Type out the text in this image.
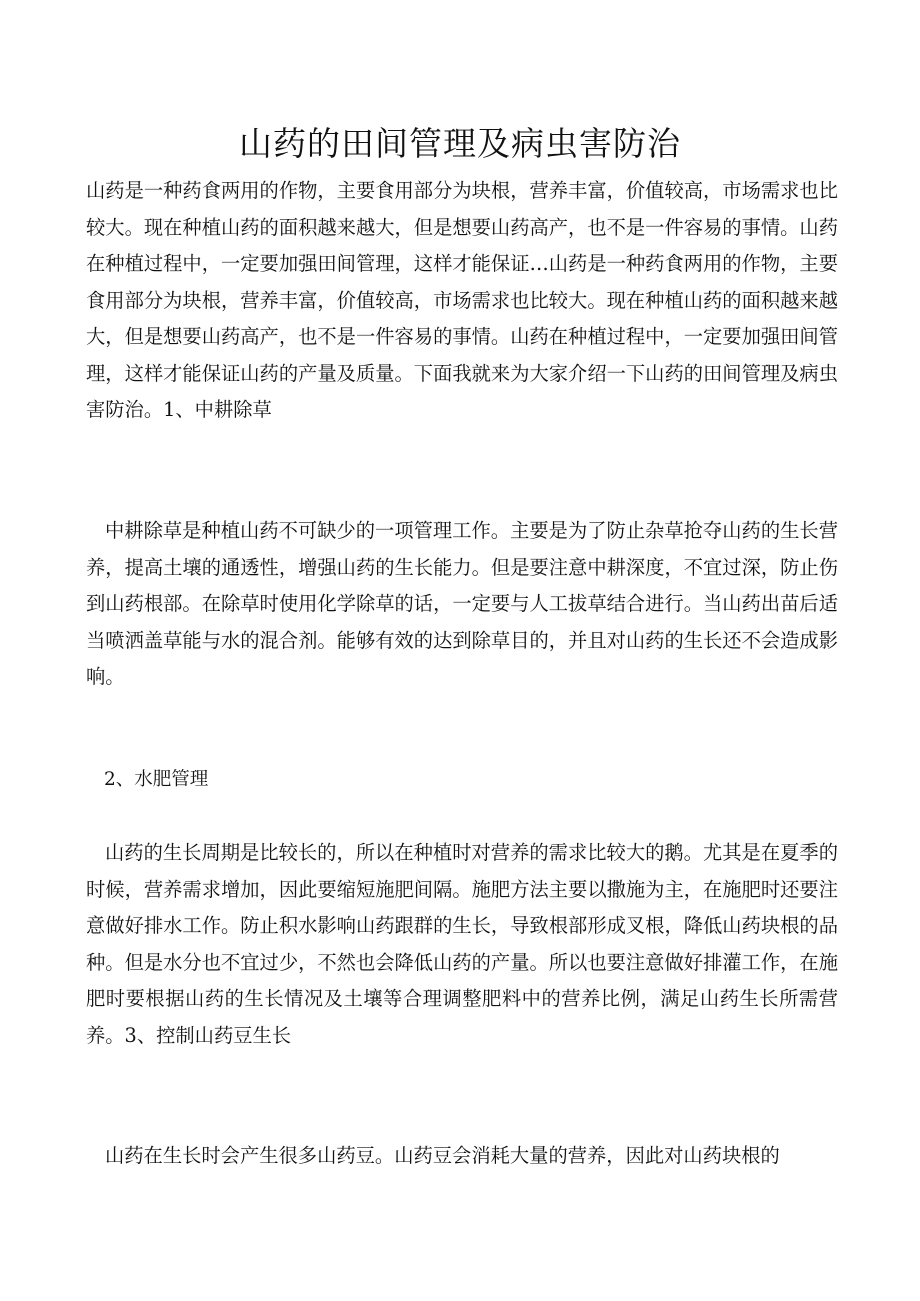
山药的田间管理及病虫害防治

山药是一种药食两用的作物，主要食用部分为块根，营养丰富，价值较高，市场需求也比较大。现在种植山药的面积越来越大，但是想要山药高产，也不是一件容易的事情。山药在种植过程中，一定要加强田间管理，这样才能保证…山药是一种药食两用的作物，主要食用部分为块根，营养丰富，价值较高，市场需求也比较大。现在种植山药的面积越来越大，但是想要山药高产，也不是一件容易的事情。山药在种植过程中，一定要加强田间管理，这样才能保证山药的产量及质量。下面我就来为大家介绍一下山药的田间管理及病虫害防治。1、中耕除草

中耕除草是种植山药不可缺少的一项管理工作。主要是为了防止杂草抢夺山药的生长营养，提高土壤的通透性，增强山药的生长能力。但是要注意中耕深度，不宜过深，防止伤到山药根部。在除草时使用化学除草的话，一定要与人工拔草结合进行。当山药出苗后适当喷洒盖草能与水的混合剂。能够有效的达到除草目的，并且对山药的生长还不会造成影响。

2、水肥管理

山药的生长周期是比较长的，所以在种植时对营养的需求比较大的鹅。尤其是在夏季的时候，营养需求增加，因此要缩短施肥间隔。施肥方法主要以撒施为主，在施肥时还要注意做好排水工作。防止积水影响山药跟群的生长，导致根部形成叉根，降低山药块根的品种。但是水分也不宜过少，不然也会降低山药的产量。所以也要注意做好排灌工作，在施肥时要根据山药的生长情况及土壤等合理调整肥料中的营养比例，满足山药生长所需营养。3、控制山药豆生长

山药在生长时会产生很多山药豆。山药豆会消耗大量的营养，因此对山药块根的
